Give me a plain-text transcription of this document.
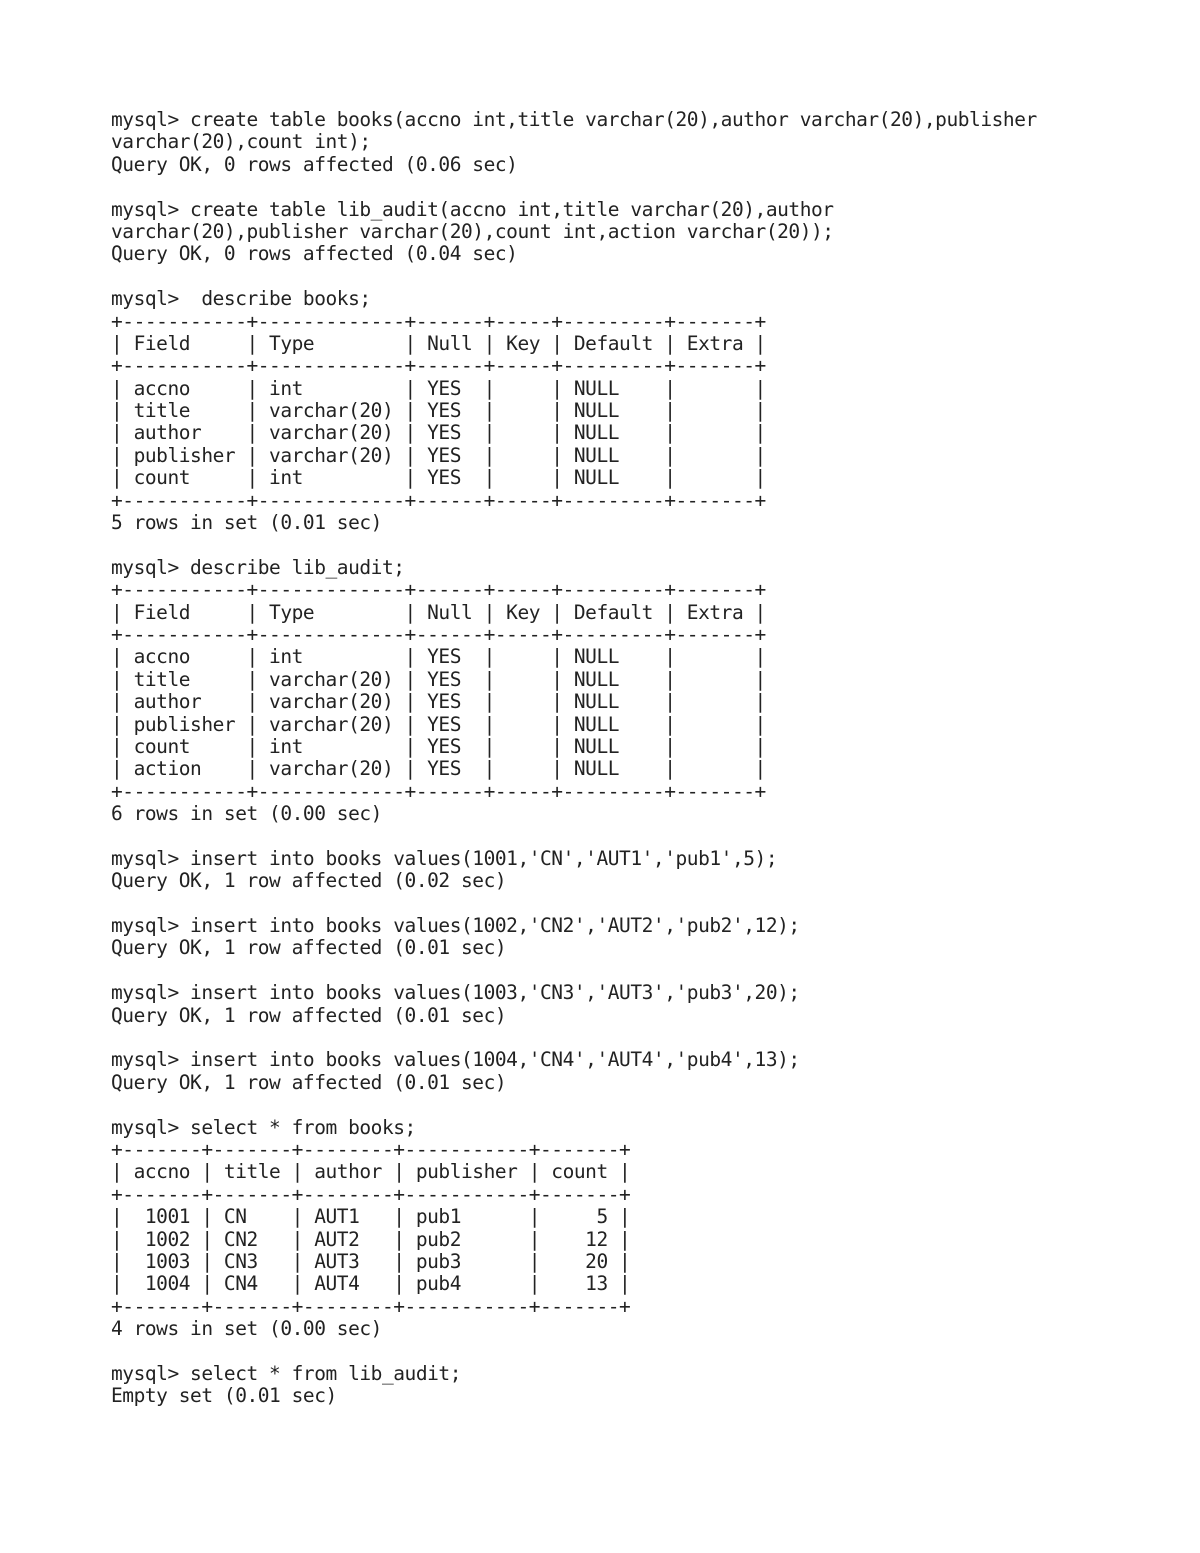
mysql> create table books(accno int,title varchar(20),author varchar(20),publisher
varchar(20),count int);
Query OK, 0 rows affected (0.06 sec)
mysql> create table lib_audit(accno int,title varchar(20),author
varchar(20),publisher varchar(20),count int,action varchar(20));
Query OK, 0 rows affected (0.04 sec)
mysql>  describe books;
+-----------+-------------+------+-----+---------+-------+
| Field     | Type        | Null | Key | Default | Extra |
+-----------+-------------+------+-----+---------+-------+
| accno     | int         | YES  |     | NULL    |       |
| title     | varchar(20) | YES  |     | NULL    |       |
| author    | varchar(20) | YES  |     | NULL    |       |
| publisher | varchar(20) | YES  |     | NULL    |       |
| count     | int         | YES  |     | NULL    |       |
+-----------+-------------+------+-----+---------+-------+
5 rows in set (0.01 sec)
mysql> describe lib_audit;
+-----------+-------------+------+-----+---------+-------+
| Field     | Type        | Null | Key | Default | Extra |
+-----------+-------------+------+-----+---------+-------+
| accno     | int         | YES  |     | NULL    |       |
| title     | varchar(20) | YES  |     | NULL    |       |
| author    | varchar(20) | YES  |     | NULL    |       |
| publisher | varchar(20) | YES  |     | NULL    |       |
| count     | int         | YES  |     | NULL    |       |
| action    | varchar(20) | YES  |     | NULL    |       |
+-----------+-------------+------+-----+---------+-------+
6 rows in set (0.00 sec)
mysql> insert into books values(1001,'CN','AUT1','pub1',5);
Query OK, 1 row affected (0.02 sec)
mysql> insert into books values(1002,'CN2','AUT2','pub2',12);
Query OK, 1 row affected (0.01 sec)
mysql> insert into books values(1003,'CN3','AUT3','pub3',20);
Query OK, 1 row affected (0.01 sec)
mysql> insert into books values(1004,'CN4','AUT4','pub4',13);
Query OK, 1 row affected (0.01 sec)
mysql> select * from books;
+-------+-------+--------+-----------+-------+
| accno | title | author | publisher | count |
+-------+-------+--------+-----------+-------+
|  1001 | CN    | AUT1   | pub1      |     5 |
|  1002 | CN2   | AUT2   | pub2      |    12 |
|  1003 | CN3   | AUT3   | pub3      |    20 |
|  1004 | CN4   | AUT4   | pub4      |    13 |
+-------+-------+--------+-----------+-------+
4 rows in set (0.00 sec)
mysql> select * from lib_audit;
Empty set (0.01 sec)
